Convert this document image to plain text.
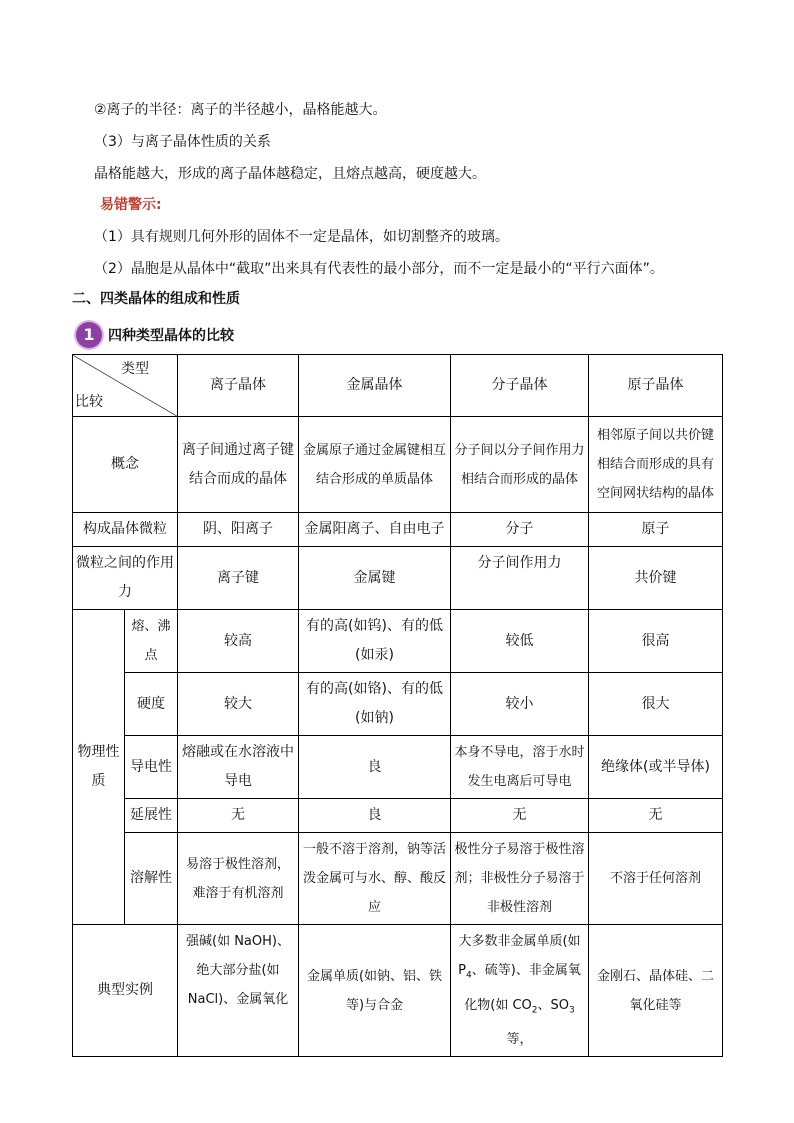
②离子的半径：离子的半径越小，晶格能越大。
（3）与离子晶体性质的关系
晶格能越大，形成的离子晶体越稳定，且熔点越高，硬度越大。
易错警示:
（1）具有规则几何外形的固体不一定是晶体，如切割整齐的玻璃。
（2）晶胞是从晶体中“截取”出来具有代表性的最小部分，而不一定是最小的“平行六面体”。
二、四类晶体的组成和性质
1 四种类型晶体的比较
类型
比较		离子晶体	金属晶体	分子晶体	原子晶体
概念		离子间通过离子键结合而成的晶体	金属原子通过金属键相互结合形成的单质晶体	分子间以分子间作用力相结合而形成的晶体	相邻原子间以共价键相结合而形成的具有空间网状结构的晶体
构成晶体微粒		阴、阳离子	金属阳离子、自由电子	分子	原子
微粒之间的作用力		离子键	金属键	分子间作用力	共价键
物理性质	熔、沸点	较高	有的高(如钨)、有的低(如汞)	较低	很高
	硬度	较大	有的高(如铬)、有的低(如钠)	较小	很大
	导电性	熔融或在水溶液中导电	良	本身不导电，溶于水时发生电离后可导电	绝缘体(或半导体)
	延展性	无	良	无	无
	溶解性	易溶于极性溶剂，难溶于有机溶剂	一般不溶于溶剂，钠等活泼金属可与水、醇、酸反应	极性分子易溶于极性溶剂；非极性分子易溶于非极性溶剂	不溶于任何溶剂
典型实例		强碱(如 NaOH)、绝大部分盐(如 NaCl)、金属氧化	金属单质(如钠、铝、铁等)与合金	大多数非金属单质(如 $P_4$、硫等)、非金属氧化物(如 $CO_2$、$SO_3$等，	金刚石、晶体硅、二氧化硅等
